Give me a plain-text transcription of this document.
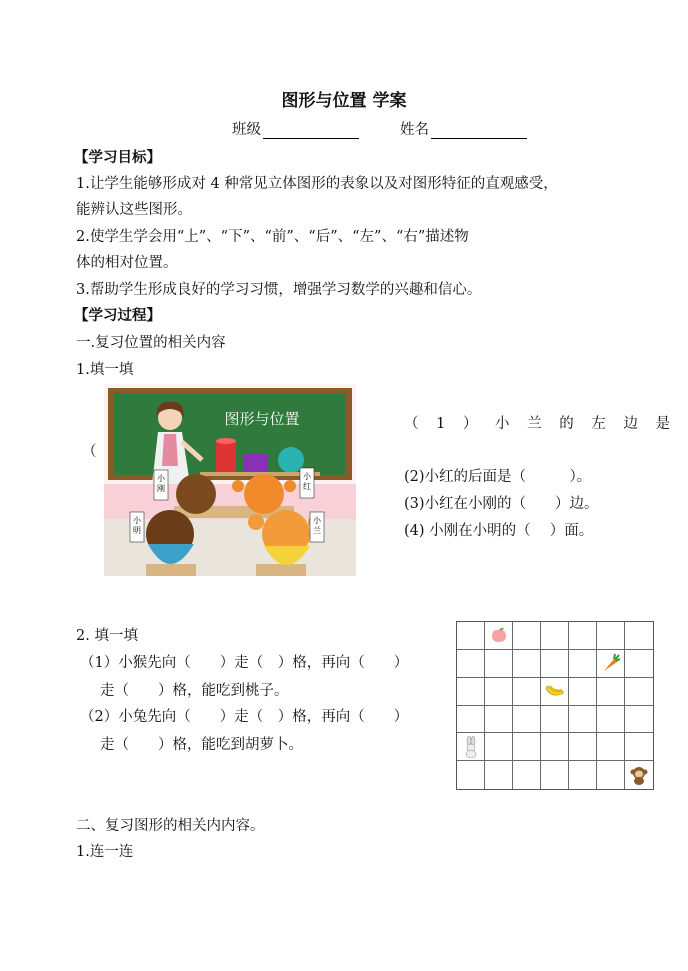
图形与位置 学案
班级	姓名
【学习目标】
1.让学生能够形成对 4 种常见立体图形的表象以及对图形特征的直观感受，
能辨认这些图形。
2.使学生学会用“上”、“下”、“前”、“后”、“左”、“右”描述物
体的相对位置。
3.帮助学生形成良好的学习习惯，增强学习数学的兴趣和信心。
【学习过程】
一.复习位置的相关内容
1.填一填
图形与位置
小刚
小红
小明
小兰
（ 1 ） 小 兰 的 左 边 是
（
(2)小红的后面是（　　　）。
(3)小红在小刚的（　　）边。
(4) 小刚在小明的（　 ）面。
2. 填一填
（1）小猴先向（　　）走（　）格，再向（　　）
走（　　）格，能吃到桃子。
（2）小兔先向（　　）走（　）格，再向（　　）
走（　　）格，能吃到胡萝卜。
二、复习图形的相关内内容。
1.连一连
